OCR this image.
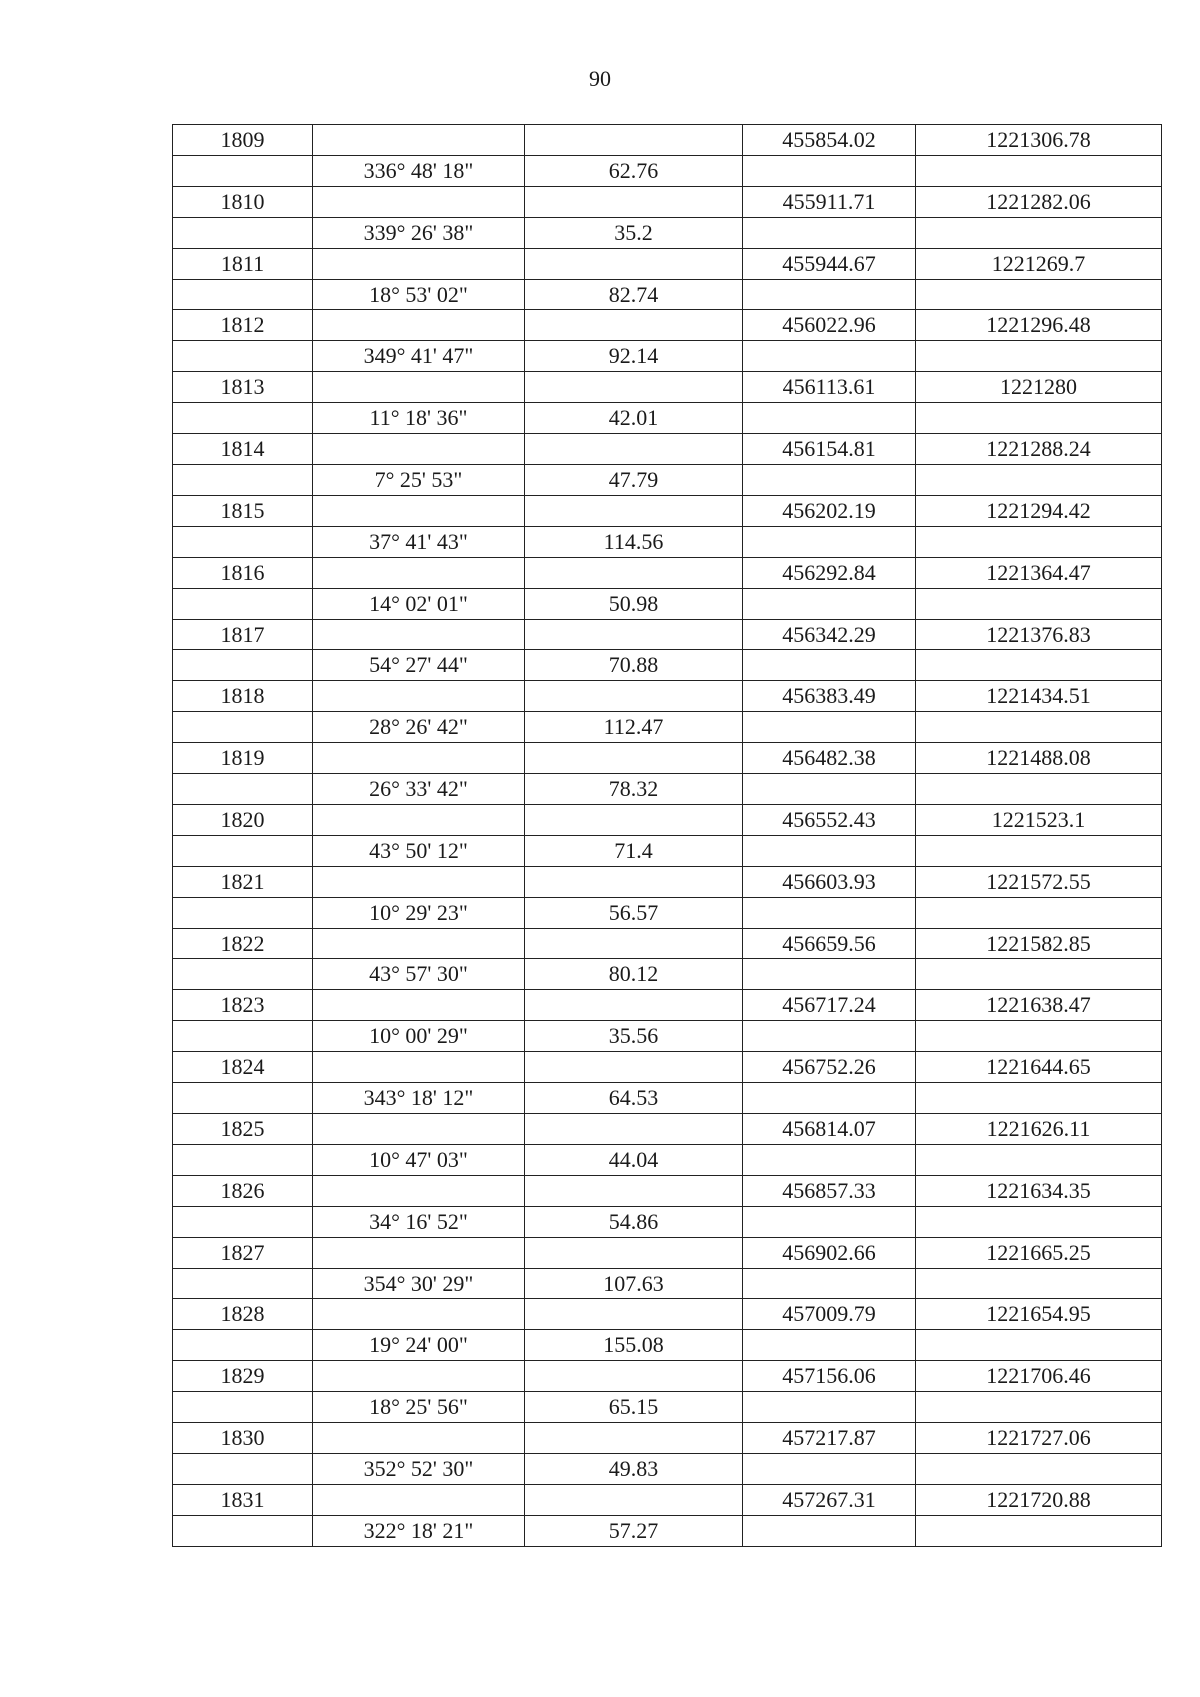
90
1809			455854.02	1221306.78
	336° 48' 18"	62.76		
1810			455911.71	1221282.06
	339° 26' 38"	35.2		
1811			455944.67	1221269.7
	18° 53' 02"	82.74		
1812			456022.96	1221296.48
	349° 41' 47"	92.14		
1813			456113.61	1221280
	11° 18' 36"	42.01		
1814			456154.81	1221288.24
	7° 25' 53"	47.79		
1815			456202.19	1221294.42
	37° 41' 43"	114.56		
1816			456292.84	1221364.47
	14° 02' 01"	50.98		
1817			456342.29	1221376.83
	54° 27' 44"	70.88		
1818			456383.49	1221434.51
	28° 26' 42"	112.47		
1819			456482.38	1221488.08
	26° 33' 42"	78.32		
1820			456552.43	1221523.1
	43° 50' 12"	71.4		
1821			456603.93	1221572.55
	10° 29' 23"	56.57		
1822			456659.56	1221582.85
	43° 57' 30"	80.12		
1823			456717.24	1221638.47
	10° 00' 29"	35.56		
1824			456752.26	1221644.65
	343° 18' 12"	64.53		
1825			456814.07	1221626.11
	10° 47' 03"	44.04		
1826			456857.33	1221634.35
	34° 16' 52"	54.86		
1827			456902.66	1221665.25
	354° 30' 29"	107.63		
1828			457009.79	1221654.95
	19° 24' 00"	155.08		
1829			457156.06	1221706.46
	18° 25' 56"	65.15		
1830			457217.87	1221727.06
	352° 52' 30"	49.83		
1831			457267.31	1221720.88
	322° 18' 21"	57.27		
